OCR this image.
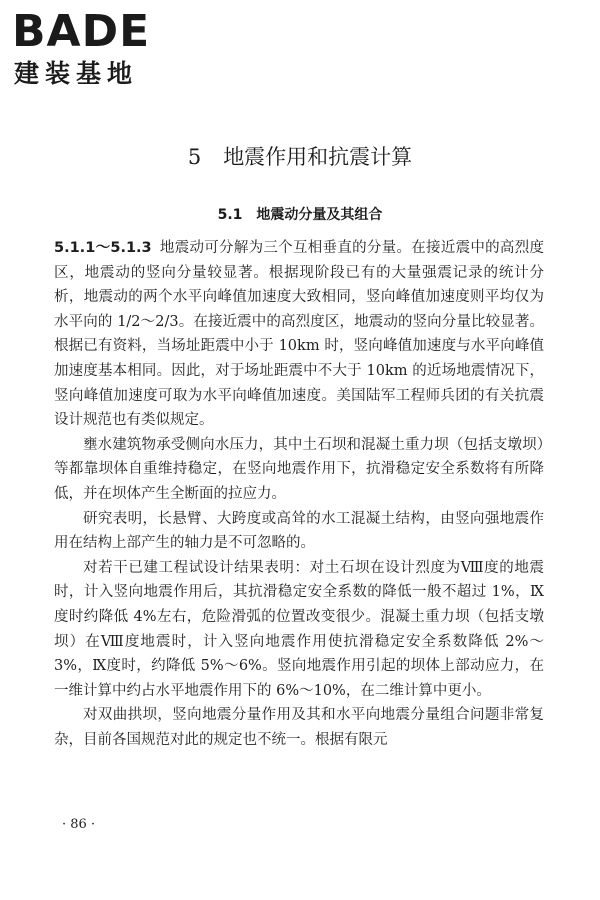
BADE
建装基地
5 地震作用和抗震计算
5.1 地震动分量及其组合

5.1.1～5.1.3 地震动可分解为三个互相垂直的分量。在接近震中的高烈度区，地震动的竖向分量较显著。根据现阶段已有的大量强震记录的统计分析，地震动的两个水平向峰值加速度大致相同，竖向峰值加速度则平均仅为水平向的 1/2～2/3。在接近震中的高烈度区，地震动的竖向分量比较显著。根据已有资料，当场址距震中小于 10km 时，竖向峰值加速度与水平向峰值加速度基本相同。因此，对于场址距震中不大于 10km 的近场地震情况下，竖向峰值加速度可取为水平向峰值加速度。美国陆军工程师兵团的有关抗震设计规范也有类似规定。

壅水建筑物承受侧向水压力，其中土石坝和混凝土重力坝（包括支墩坝）等都靠坝体自重维持稳定，在竖向地震作用下，抗滑稳定安全系数将有所降低，并在坝体产生全断面的拉应力。

研究表明，长悬臂、大跨度或高耸的水工混凝土结构，由竖向强地震作用在结构上部产生的轴力是不可忽略的。

对若干已建工程试设计结果表明：对土石坝在设计烈度为Ⅷ度的地震时，计入竖向地震作用后，其抗滑稳定安全系数的降低一般不超过 1%，Ⅸ度时约降低 4%左右，危险滑弧的位置改变很少。混凝土重力坝（包括支墩坝）在Ⅷ度地震时，计入竖向地震作用使抗滑稳定安全系数降低 2%～3%，Ⅸ度时，约降低 5%～6%。竖向地震作用引起的坝体上部动应力，在一维计算中约占水平地震作用下的 6%～10%，在二维计算中更小。

对双曲拱坝，竖向地震分量作用及其和水平向地震分量组合问题非常复杂，目前各国规范对此的规定也不统一。根据有限元

· 86 ·
